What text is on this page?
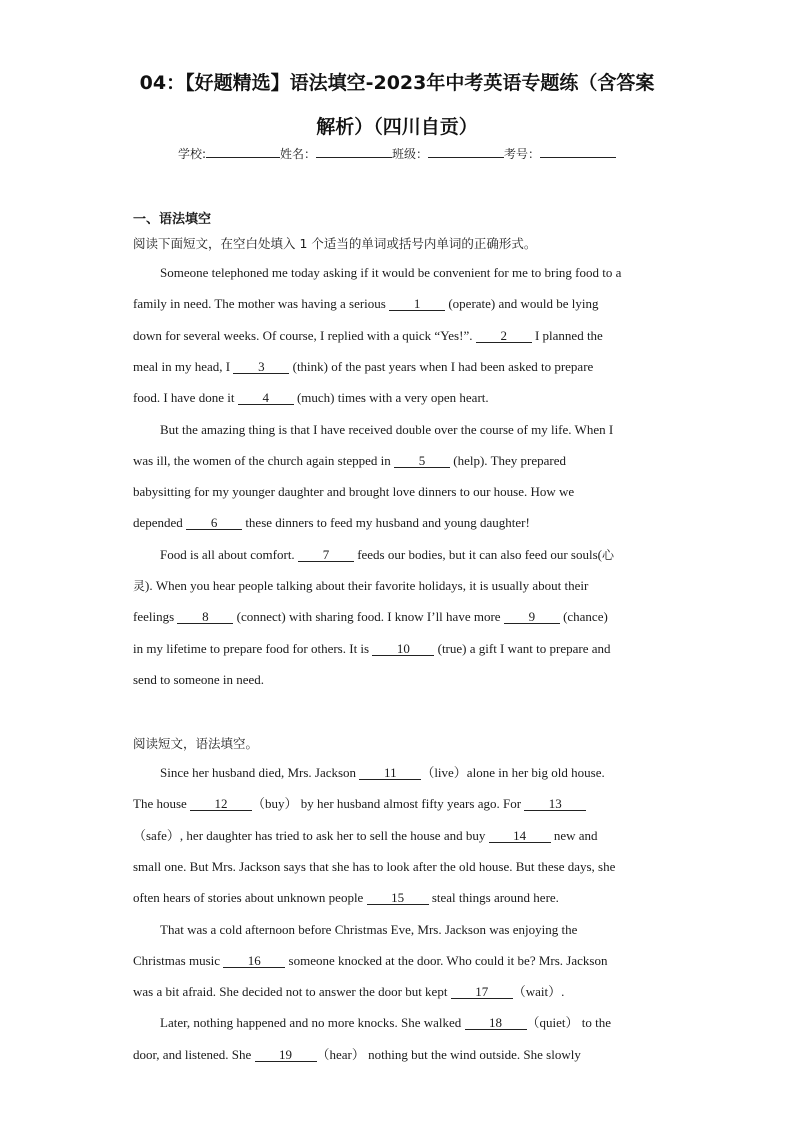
04：【好题精选】语法填空-2023年中考英语专题练（含答案
解析）（四川自贡）
学校:	姓名：	班级：	考号：
一、语法填空
阅读下面短文，在空白处填入 1 个适当的单词或括号内单词的正确形式。
Someone telephoned me today asking if it would be convenient for me to bring food to a
family in need. The mother was having a serious 1 (operate) and would be lying
down for several weeks. Of course, I replied with a quick “Yes!”. 2 I planned the
meal in my head, I 3 (think) of the past years when I had been asked to prepare
food. I have done it 4 (much) times with a very open heart.
But the amazing thing is that I have received double over the course of my life. When I
was ill, the women of the church again stepped in 5 (help). They prepared
babysitting for my younger daughter and brought love dinners to our house. How we
depended 6 these dinners to feed my husband and young daughter!
Food is all about comfort. 7 feeds our bodies, but it can also feed our souls(心
灵). When you hear people talking about their favorite holidays, it is usually about their
feelings 8 (connect) with sharing food. I know I’ll have more 9 (chance)
in my lifetime to prepare food for others. It is 10 (true) a gift I want to prepare and
send to someone in need.
阅读短文，语法填空。
Since her husband died, Mrs. Jackson 11 （live）alone in her big old house.
The house 12 （buy） by her husband almost fifty years ago. For 13
（safe）, her daughter has tried to ask her to sell the house and buy 14 new and
small one. But Mrs. Jackson says that she has to look after the old house. But these days, she
often hears of stories about unknown people 15 steal things around here.
That was a cold afternoon before Christmas Eve, Mrs. Jackson was enjoying the
Christmas music 16 someone knocked at the door. Who could it be? Mrs. Jackson
was a bit afraid. She decided not to answer the door but kept 17 （wait）.
Later, nothing happened and no more knocks. She walked 18 （quiet） to the
door, and listened. She 19 （hear） nothing but the wind outside. She slowly
